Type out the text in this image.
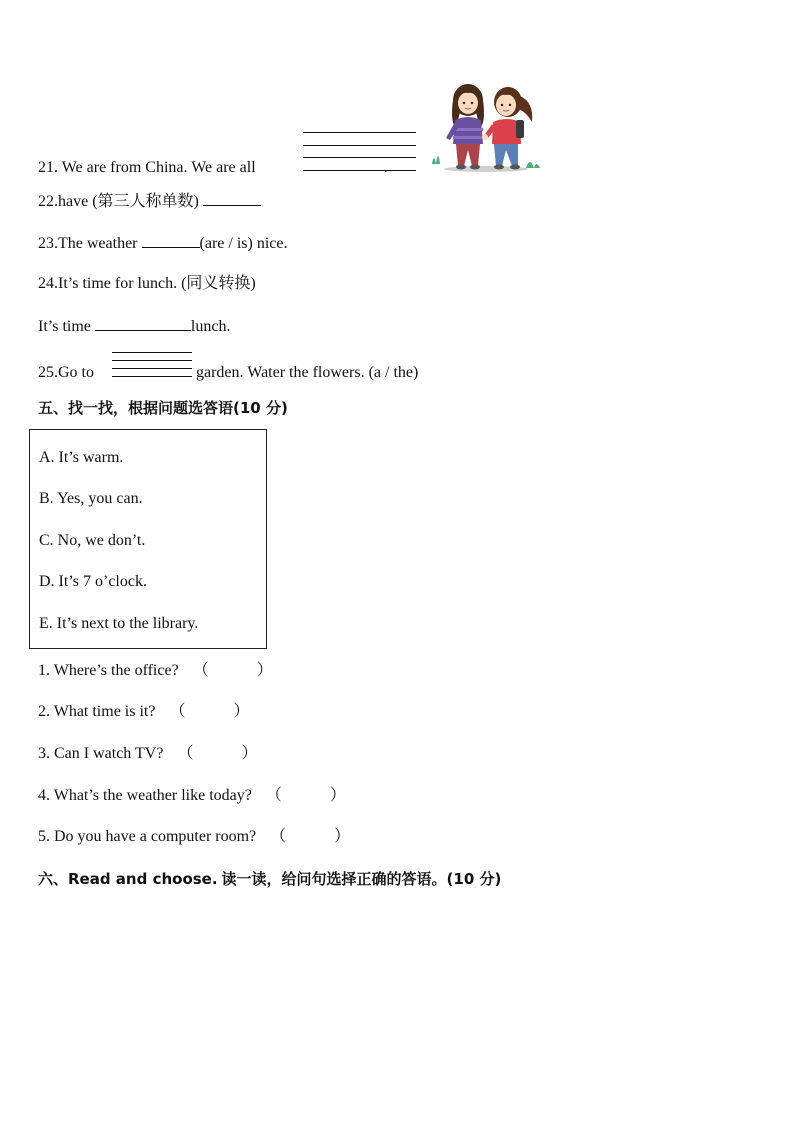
21. We are from China. We are all	.
22.have (第三人称单数)
23.The weather	(are / is) nice.
24.It’s time for lunch. (同义转换)
It’s time	lunch.
25.Go to	garden. Water the flowers. (a / the)
五、找一找，根据问题选答语(10 分)
A. It’s warm.
B. Yes, you can.
C. No, we don’t.
D. It’s 7 o’clock.
E. It’s next to the library.
1. Where’s the office? （	）
2. What time is it? （	）
3. Can I watch TV? （	）
4. What’s the weather like today? （	）
5. Do you have a computer room? （	）
六、Read and choose. 读一读，给问句选择正确的答语。(10 分)
